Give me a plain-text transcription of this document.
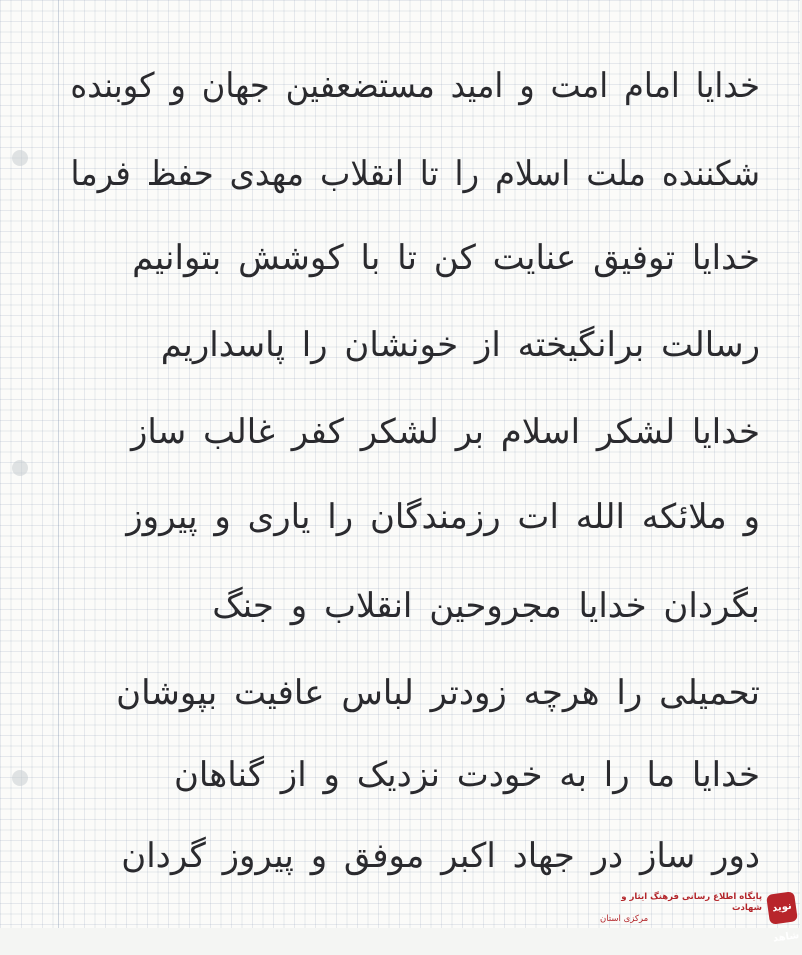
خدایا امام امت و امید مستضعفین جهان و کوبنده
شکننده ملت اسلام را تا انقلاب مهدی حفظ فرما
خدایا توفیق عنایت کن تا با کوشش بتوانیم
رسالت برانگیخته از خونشان را پاسداریم
خدایا لشکر اسلام بر لشکر کفر غالب ساز
و ملائکه الله ات رزمندگان را یاری و پیروز
بگردان خدایا مجروحین انقلاب و جنگ
تحمیلی را هرچه زودتر لباس عافیت بپوشان
خدایا ما را به خودت نزدیک و از گناهان
دور ساز در جهاد اکبر موفق و پیروز گردان
نوید شاهد
پایگاه اطلاع رسانی فرهنگ ایثار و شهادت
مرکزی استان
